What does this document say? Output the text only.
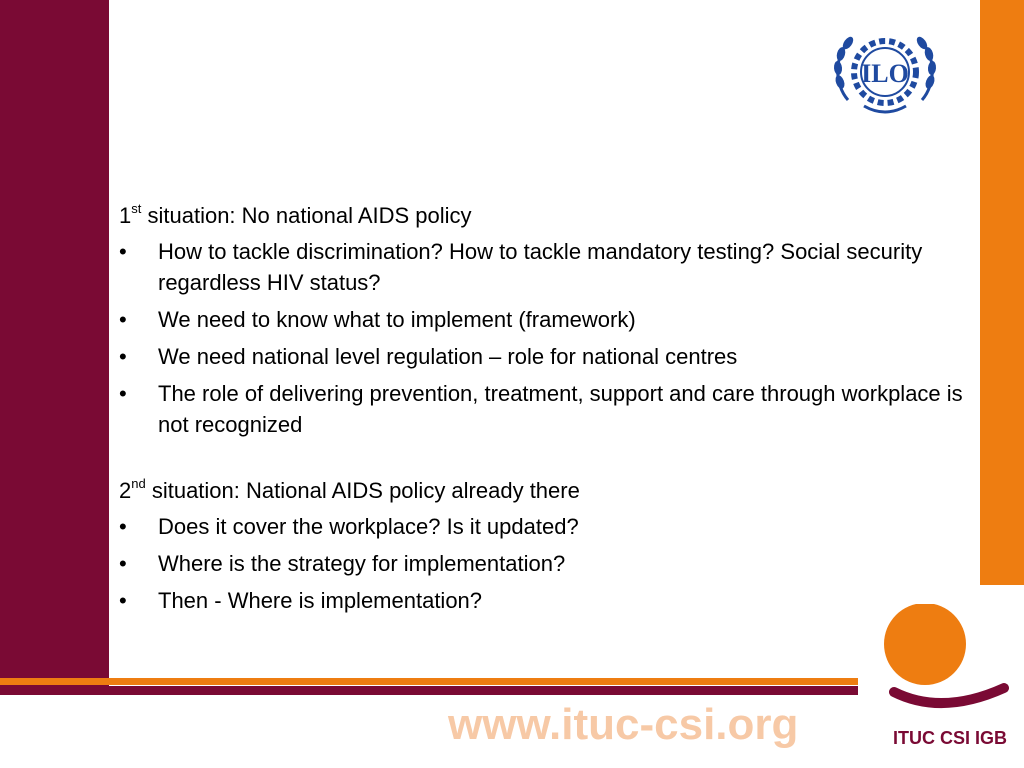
ILO

1st situation: No national AIDS policy

• How to tackle discrimination? How to tackle mandatory testing? Social security regardless HIV status?
• We need to know what to implement (framework)
• We need national level regulation – role for national centres
• The role of delivering prevention, treatment, support and care through workplace is not recognized

2nd situation: National AIDS policy already there

• Does it cover the workplace? Is it updated?
• Where is the strategy for implementation?
• Then - Where is implementation?
www.ituc-csi.org	ITUC CSI IGB
